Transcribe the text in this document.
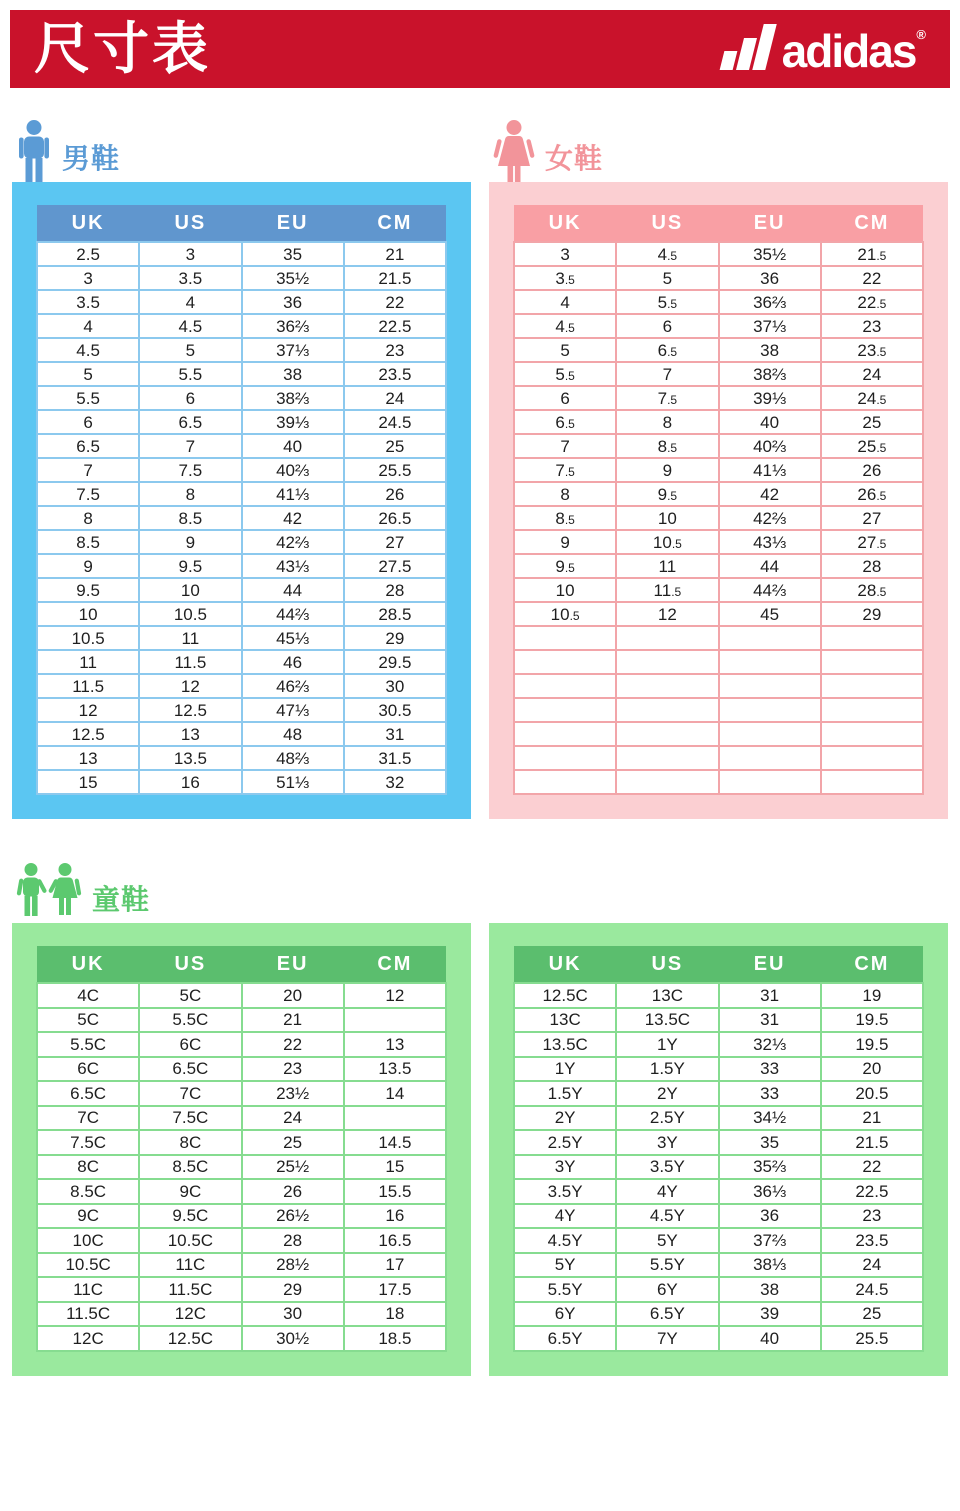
尺寸表	adidas®
男鞋
UK	US	EU	CM
2.5	3	35	21
3	3.5	35½	21.5
3.5	4	36	22
4	4.5	36⅔	22.5
4.5	5	37⅓	23
5	5.5	38	23.5
5.5	6	38⅔	24
6	6.5	39⅓	24.5
6.5	7	40	25
7	7.5	40⅔	25.5
7.5	8	41⅓	26
8	8.5	42	26.5
8.5	9	42⅔	27
9	9.5	43⅓	27.5
9.5	10	44	28
10	10.5	44⅔	28.5
10.5	11	45⅓	29
11	11.5	46	29.5
11.5	12	46⅔	30
12	12.5	47⅓	30.5
12.5	13	48	31
13	13.5	48⅔	31.5
15	16	51⅓	32
女鞋
UK	US	EU	CM
3	4.5	35½	21.5
3.5	5	36	22
4	5.5	36⅔	22.5
4.5	6	37⅓	23
5	6.5	38	23.5
5.5	7	38⅔	24
6	7.5	39⅓	24.5
6.5	8	40	25
7	8.5	40⅔	25.5
7.5	9	41⅓	26
8	9.5	42	26.5
8.5	10	42⅔	27
9	10.5	43⅓	27.5
9.5	11	44	28
10	11.5	44⅔	28.5
10.5	12	45	29

童鞋
UK	US	EU	CM
4C	5C	20	12
5C	5.5C	21	
5.5C	6C	22	13
6C	6.5C	23	13.5
6.5C	7C	23½	14
7C	7.5C	24	
7.5C	8C	25	14.5
8C	8.5C	25½	15
8.5C	9C	26	15.5
9C	9.5C	26½	16
10C	10.5C	28	16.5
10.5C	11C	28½	17
11C	11.5C	29	17.5
11.5C	12C	30	18
12C	12.5C	30½	18.5
UK	US	EU	CM
12.5C	13C	31	19
13C	13.5C	31	19.5
13.5C	1Y	32⅓	19.5
1Y	1.5Y	33	20
1.5Y	2Y	33	20.5
2Y	2.5Y	34½	21
2.5Y	3Y	35	21.5
3Y	3.5Y	35⅔	22
3.5Y	4Y	36⅓	22.5
4Y	4.5Y	36	23
4.5Y	5Y	37⅔	23.5
5Y	5.5Y	38⅓	24
5.5Y	6Y	38	24.5
6Y	6.5Y	39	25
6.5Y	7Y	40	25.5
